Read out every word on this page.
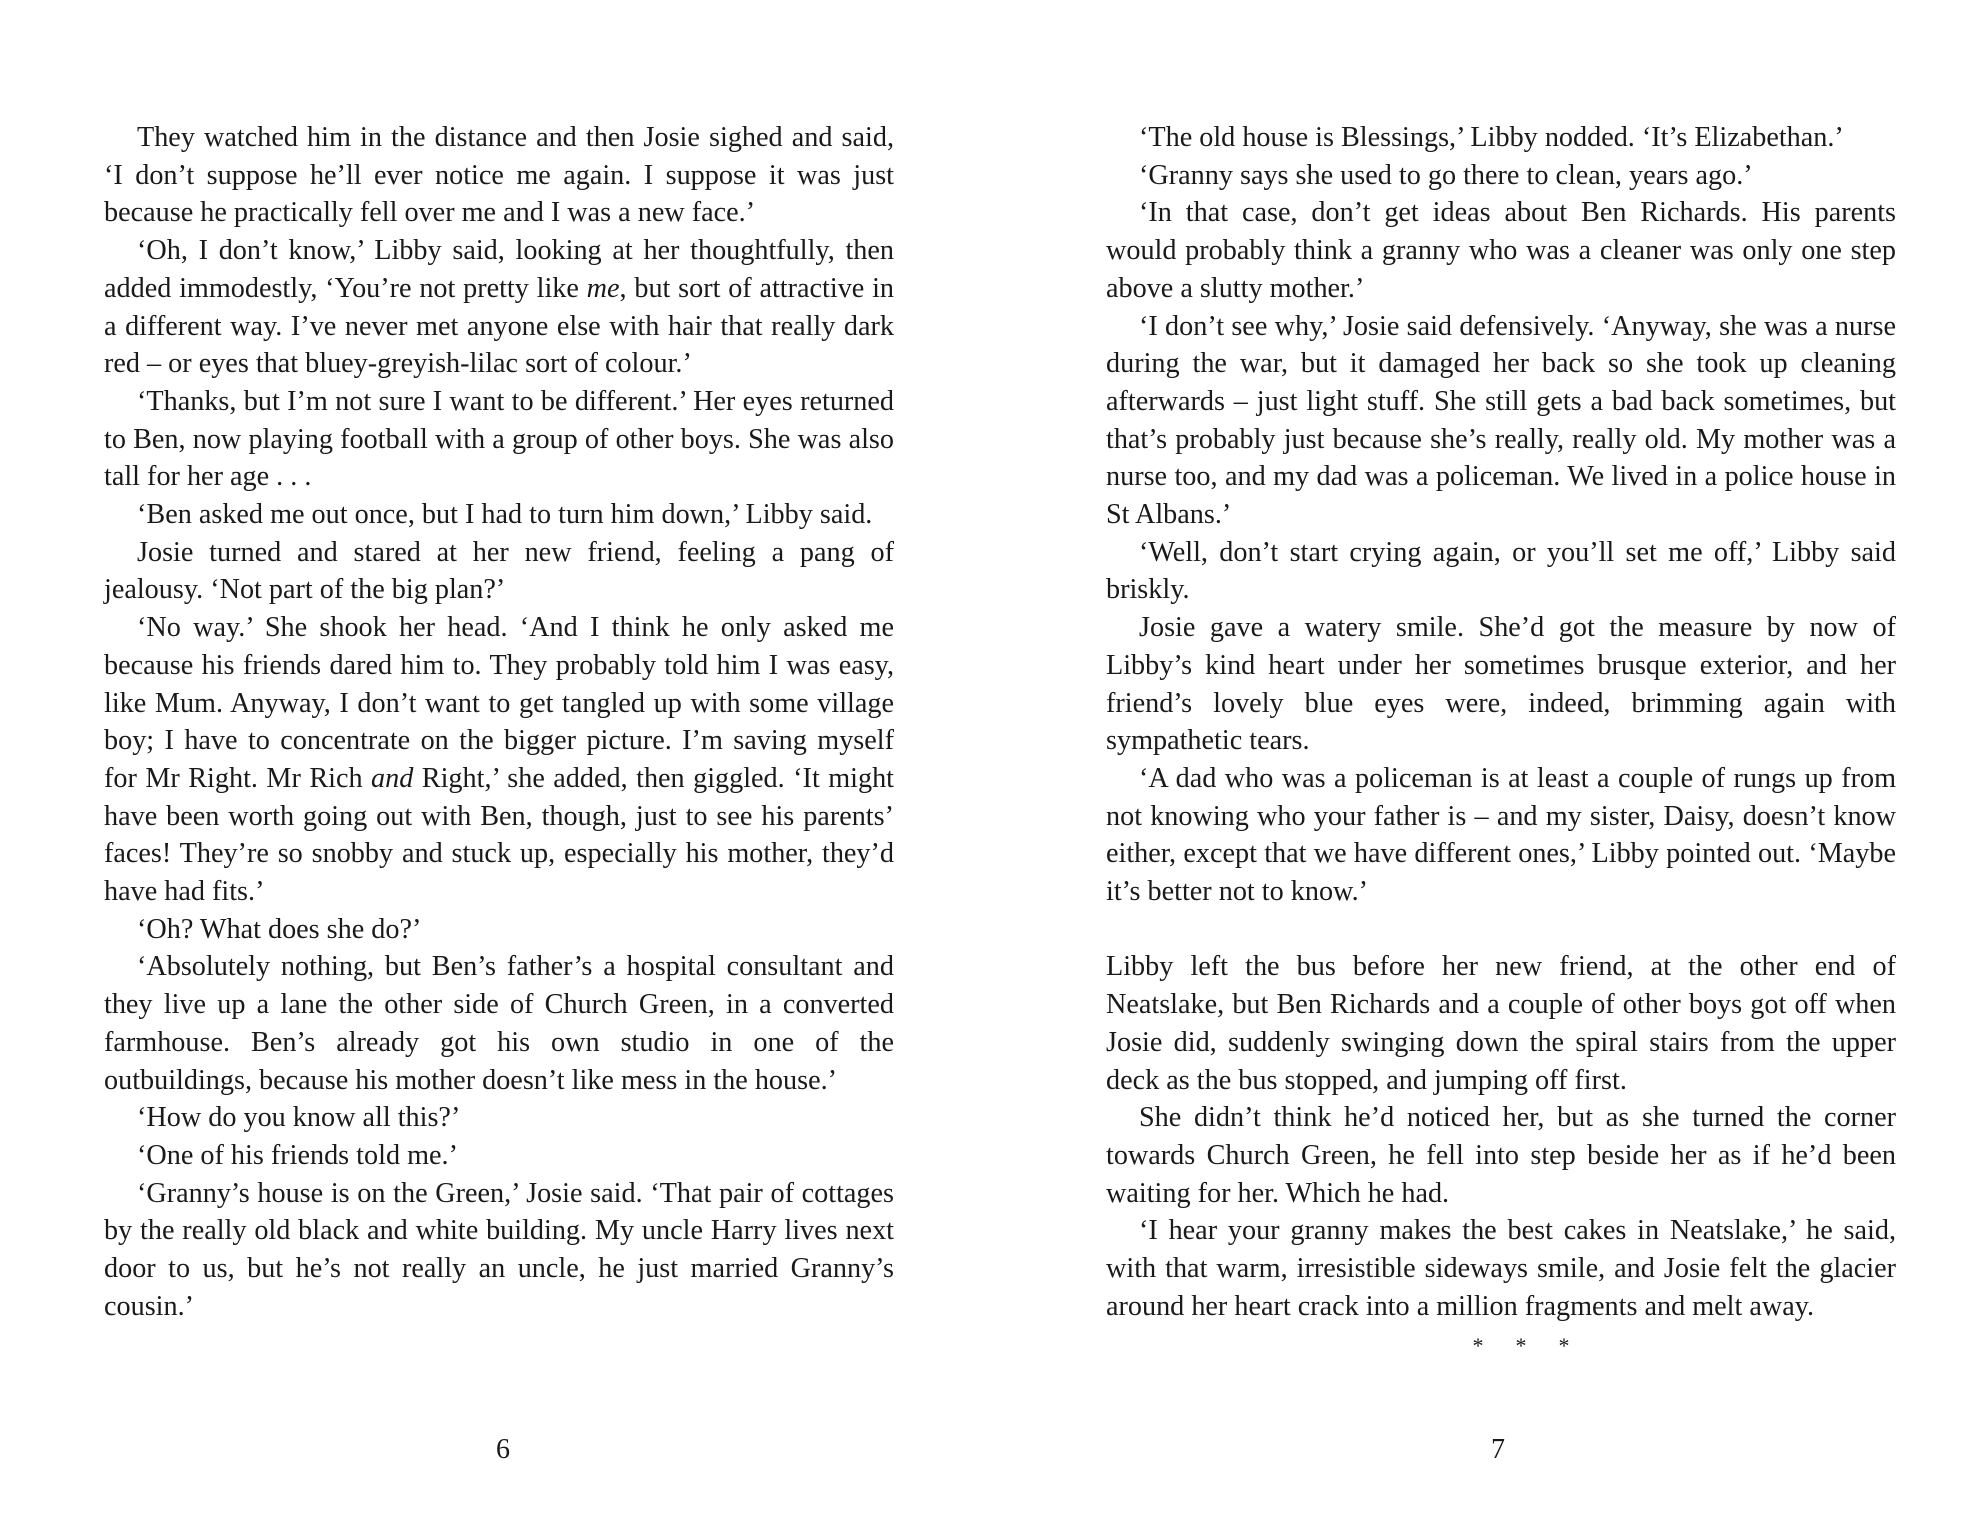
They watched him in the distance and then Josie sighed and said, ‘I don’t suppose he’ll ever notice me again. I suppose it was just because he practically fell over me and I was a new face.’

‘Oh, I don’t know,’ Libby said, looking at her thoughtfully, then added immodestly, ‘You’re not pretty like me, but sort of attractive in a different way. I’ve never met anyone else with hair that really dark red – or eyes that bluey-greyish-lilac sort of colour.’

‘Thanks, but I’m not sure I want to be different.’ Her eyes returned to Ben, now playing football with a group of other boys. She was also tall for her age . . .

‘Ben asked me out once, but I had to turn him down,’ Libby said.

Josie turned and stared at her new friend, feeling a pang of jealousy. ‘Not part of the big plan?’

‘No way.’ She shook her head. ‘And I think he only asked me because his friends dared him to. They probably told him I was easy, like Mum. Anyway, I don’t want to get tangled up with some village boy; I have to concentrate on the bigger picture. I’m saving myself for Mr Right. Mr Rich and Right,’ she added, then giggled. ‘It might have been worth going out with Ben, though, just to see his parents’ faces! They’re so snobby and stuck up, especially his mother, they’d have had fits.’

‘Oh? What does she do?’

‘Absolutely nothing, but Ben’s father’s a hospital consultant and they live up a lane the other side of Church Green, in a converted farmhouse. Ben’s already got his own studio in one of the outbuildings, because his mother doesn’t like mess in the house.’

‘How do you know all this?’

‘One of his friends told me.’

‘Granny’s house is on the Green,’ Josie said. ‘That pair of cottages by the really old black and white building. My uncle Harry lives next door to us, but he’s not really an uncle, he just married Granny’s cousin.’

6

‘The old house is Blessings,’ Libby nodded. ‘It’s Elizabethan.’

‘Granny says she used to go there to clean, years ago.’

‘In that case, don’t get ideas about Ben Richards. His parents would probably think a granny who was a cleaner was only one step above a slutty mother.’

‘I don’t see why,’ Josie said defensively. ‘Anyway, she was a nurse during the war, but it damaged her back so she took up cleaning afterwards – just light stuff. She still gets a bad back sometimes, but that’s probably just because she’s really, really old. My mother was a nurse too, and my dad was a policeman. We lived in a police house in St Albans.’

‘Well, don’t start crying again, or you’ll set me off,’ Libby said briskly.

Josie gave a watery smile. She’d got the measure by now of Libby’s kind heart under her sometimes brusque exterior, and her friend’s lovely blue eyes were, indeed, brimming again with sympathetic tears.

‘A dad who was a policeman is at least a couple of rungs up from not knowing who your father is – and my sister, Daisy, doesn’t know either, except that we have different ones,’ Libby pointed out. ‘Maybe it’s better not to know.’

Libby left the bus before her new friend, at the other end of Neatslake, but Ben Richards and a couple of other boys got off when Josie did, suddenly swinging down the spiral stairs from the upper deck as the bus stopped, and jumping off first.

She didn’t think he’d noticed her, but as she turned the corner towards Church Green, he fell into step beside her as if he’d been waiting for her. Which he had.

‘I hear your granny makes the best cakes in Neatslake,’ he said, with that warm, irresistible sideways smile, and Josie felt the glacier around her heart crack into a million fragments and melt away.

* * *
7
